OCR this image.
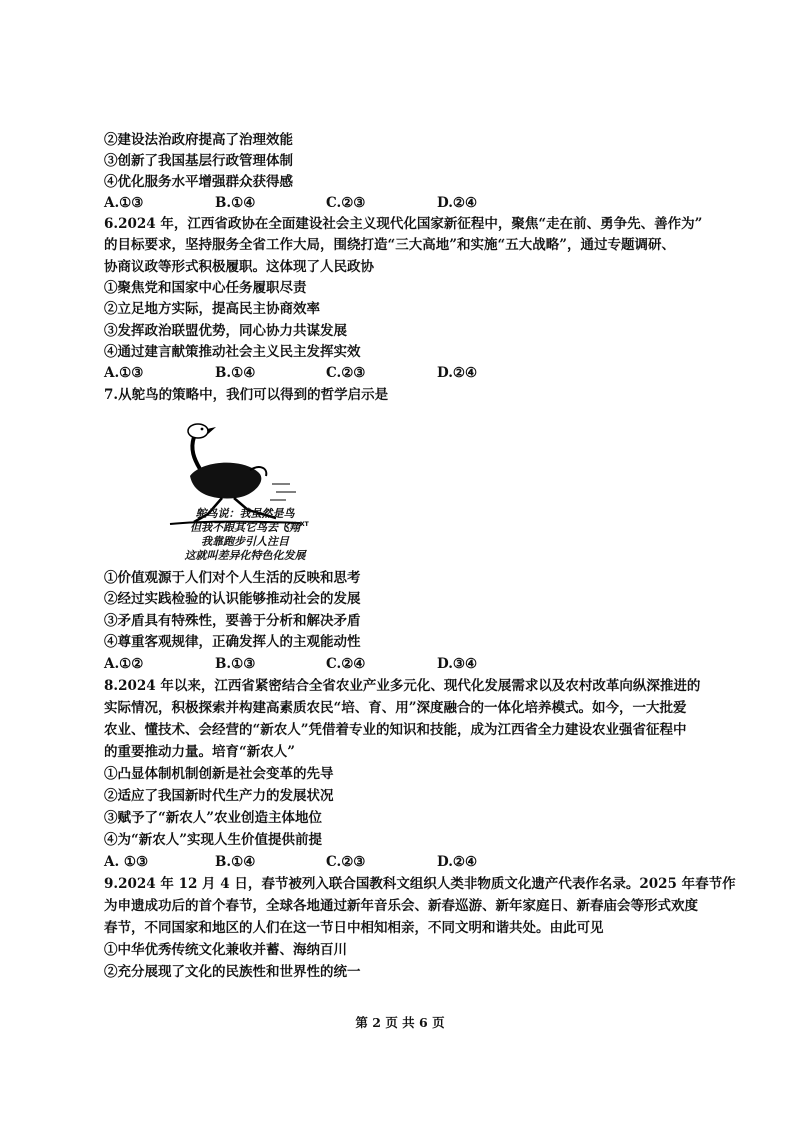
②建设法治政府提高了治理效能
③创新了我国基层行政管理体制
④优化服务水平增强群众获得感
A.①③	B.①④	C.②③	D.②④
6.2024 年，江西省政协在全面建设社会主义现代化国家新征程中，聚焦“走在前、勇争先、善作为”
的目标要求，坚持服务全省工作大局，围绕打造“三大高地”和实施“五大战略”，通过专题调研、
协商议政等形式积极履职。这体现了人民政协
①聚焦党和国家中心任务履职尽责
②立足地方实际，提高民主协商效率
③发挥政治联盟优势，同心协力共谋发展
④通过建言献策推动社会主义民主发挥实效
A.①③	B.①④	C.②③	D.②④
7.从鸵鸟的策略中，我们可以得到的哲学启示是
XT
鸵鸟说：我虽然是鸟
但我不跟其它鸟去飞翔
我靠跑步引人注目
这就叫差异化特色化发展
①价值观源于人们对个人生活的反映和思考
②经过实践检验的认识能够推动社会的发展
③矛盾具有特殊性，要善于分析和解决矛盾
④尊重客观规律，正确发挥人的主观能动性
A.①②	B.①③	C.②④	D.③④
8.2024 年以来，江西省紧密结合全省农业产业多元化、现代化发展需求以及农村改革向纵深推进的
实际情况，积极探索并构建高素质农民“培、育、用”深度融合的一体化培养模式。如今，一大批爱
农业、懂技术、会经营的“新农人”凭借着专业的知识和技能，成为江西省全力建设农业强省征程中
的重要推动力量。培育“新农人”
①凸显体制机制创新是社会变革的先导
②适应了我国新时代生产力的发展状况
③赋予了“新农人”农业创造主体地位
④为“新农人”实现人生价值提供前提
A. ①③	B.①④	C.②③	D.②④
9.2024 年 12 月 4 日，春节被列入联合国教科文组织人类非物质文化遗产代表作名录。2025 年春节作
为申遗成功后的首个春节，全球各地通过新年音乐会、新春巡游、新年家庭日、新春庙会等形式欢度
春节，不同国家和地区的人们在这一节日中相知相亲，不同文明和谐共处。由此可见
①中华优秀传统文化兼收并蓄、海纳百川
②充分展现了文化的民族性和世界性的统一
第 2 页 共 6 页
